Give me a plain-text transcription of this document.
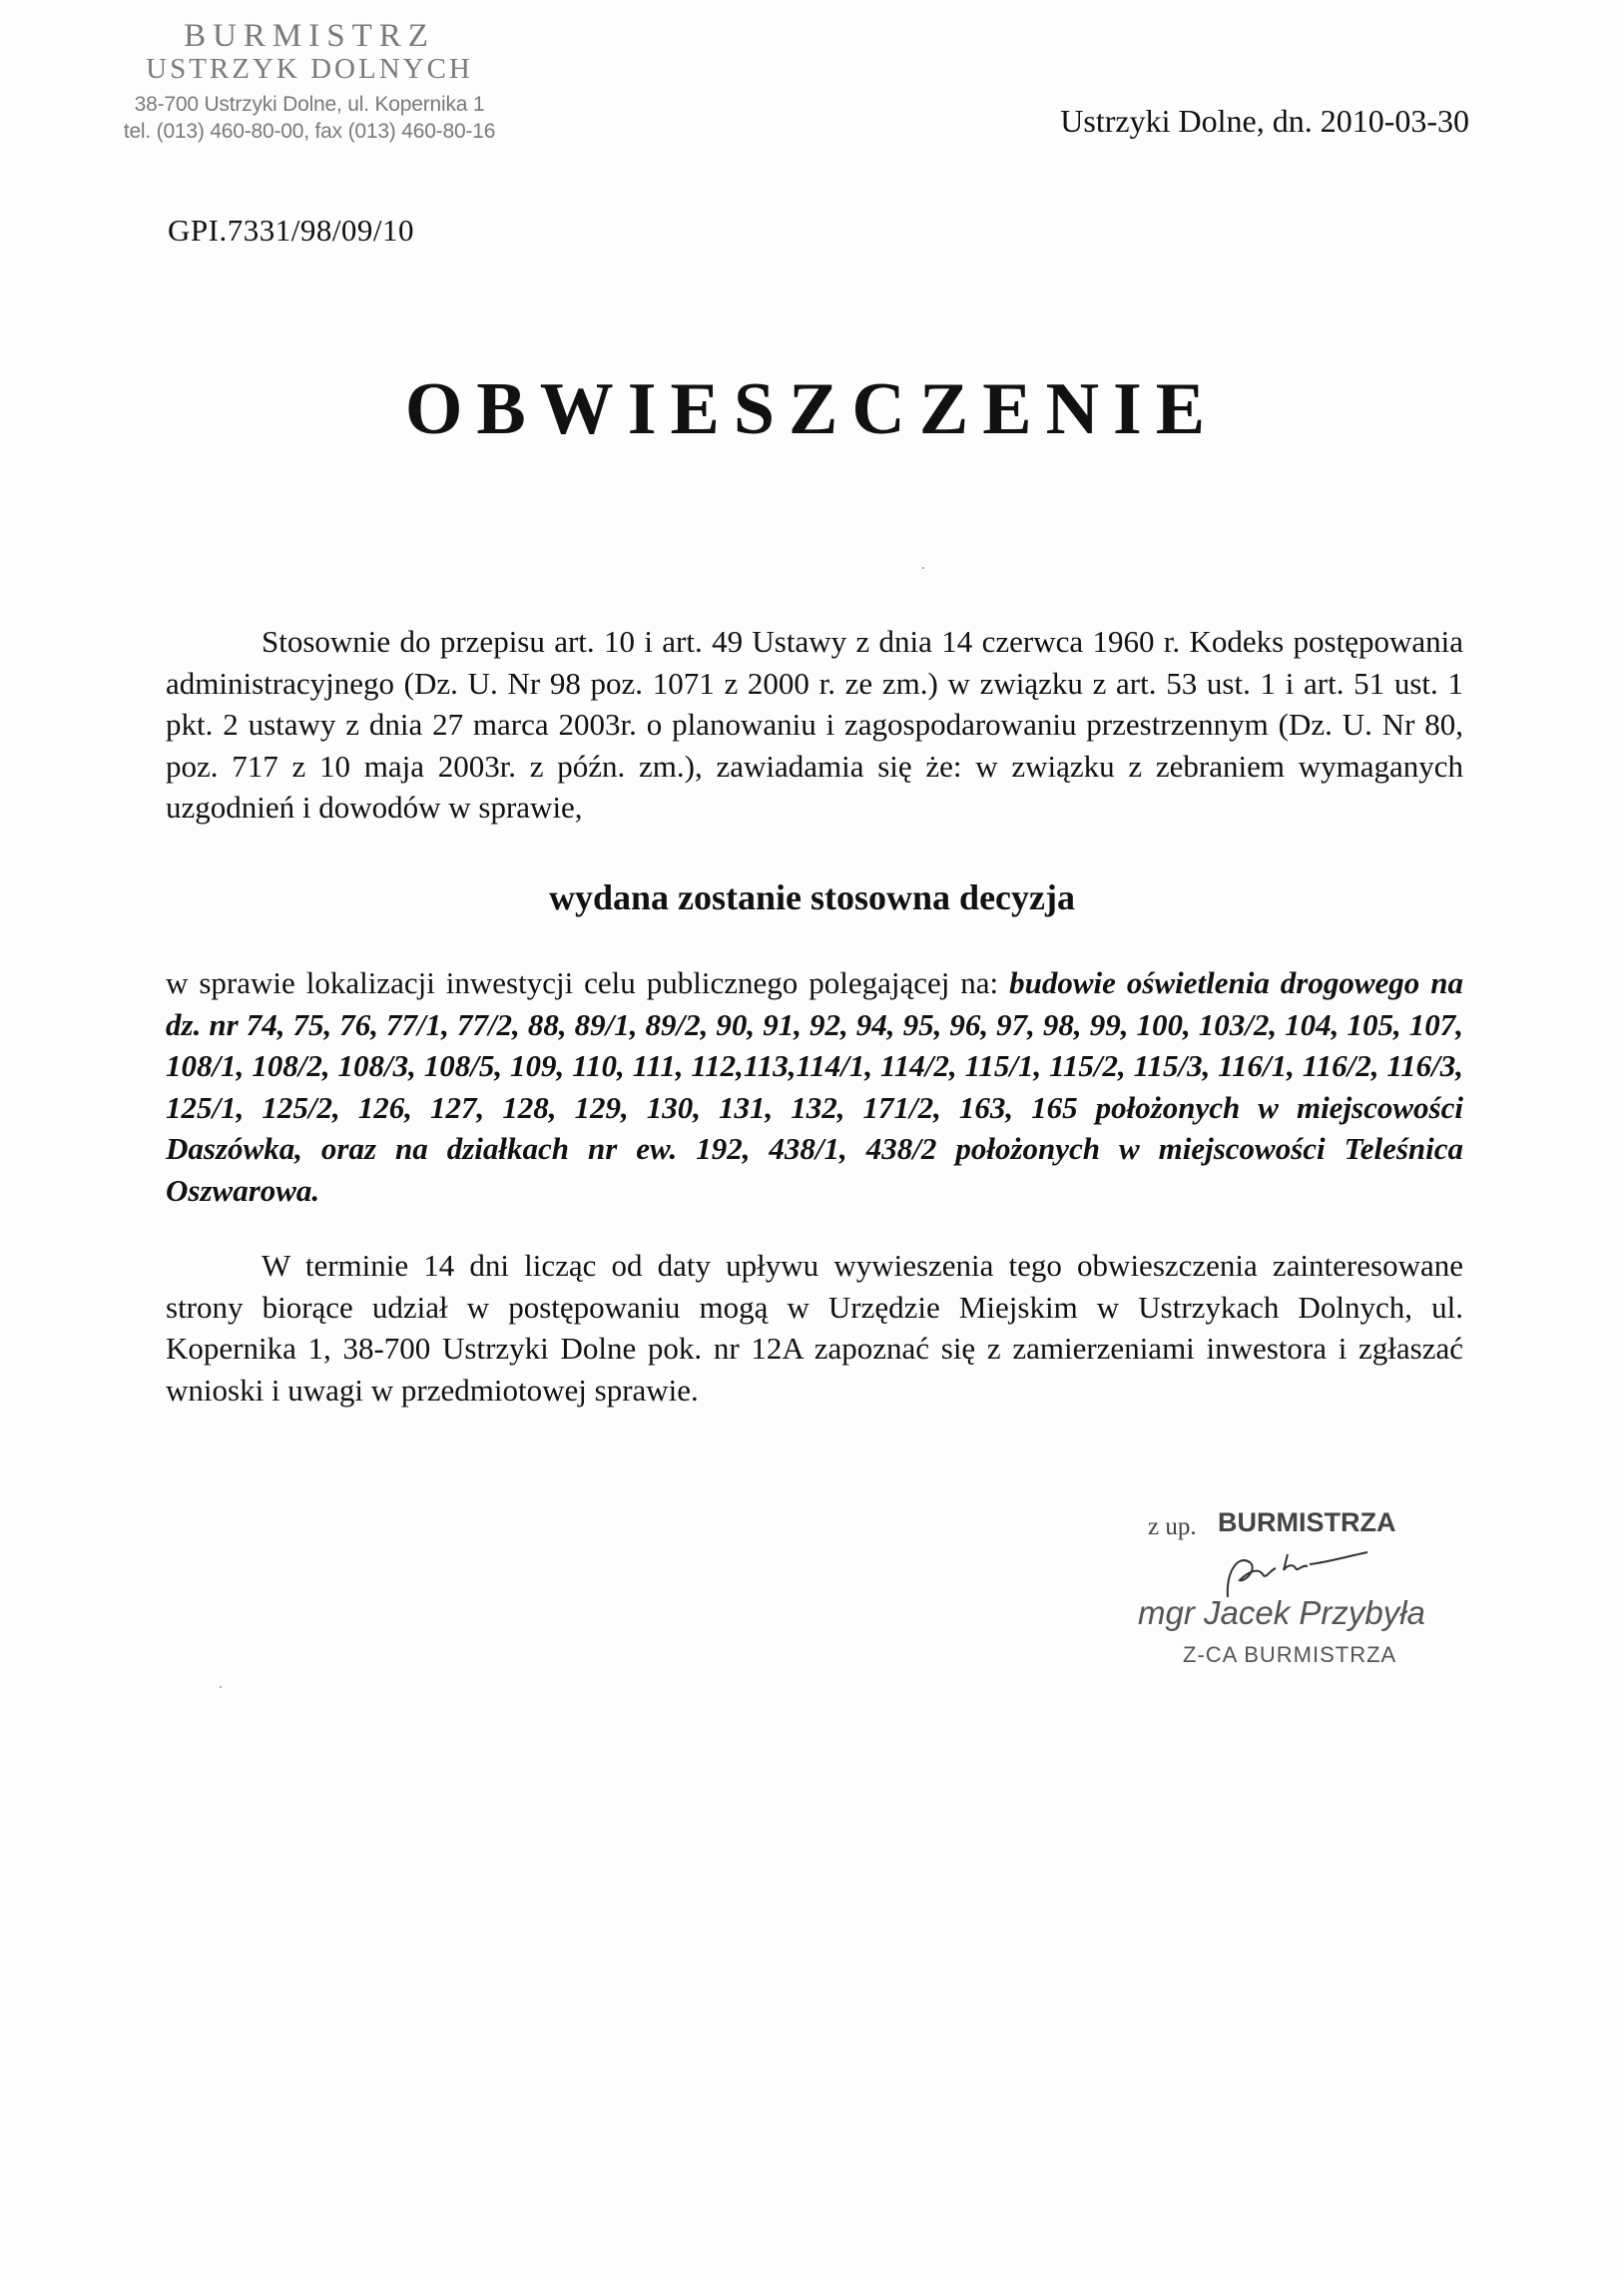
BURMISTRZ
USTRZYK DOLNYCH
38-700 Ustrzyki Dolne, ul. Kopernika 1
tel. (013) 460-80-00, fax (013) 460-80-16	Ustrzyki Dolne, dn. 2010-03-30
GPI.7331/98/09/10
OBWIESZCZENIE
Stosownie do przepisu art. 10 i art. 49 Ustawy z dnia 14 czerwca 1960 r. Kodeks postępowania administracyjnego (Dz. U. Nr 98 poz. 1071 z 2000 r. ze zm.) w związku z art. 53 ust. 1 i art. 51 ust. 1 pkt. 2 ustawy z dnia 27 marca 2003r. o planowaniu i zagospodarowaniu przestrzennym (Dz. U. Nr 80, poz. 717 z 10 maja 2003r. z późn. zm.), zawiadamia się że: w związku z zebraniem wymaganych uzgodnień i dowodów w sprawie,
wydana zostanie stosowna decyzja
w sprawie lokalizacji inwestycji celu publicznego polegającej na: budowie oświetlenia drogowego na dz. nr 74, 75, 76, 77/1, 77/2, 88, 89/1, 89/2, 90, 91, 92, 94, 95, 96, 97, 98, 99, 100, 103/2, 104, 105, 107, 108/1, 108/2, 108/3, 108/5, 109, 110, 111, 112,113,114/1, 114/2, 115/1, 115/2, 115/3, 116/1, 116/2, 116/3, 125/1, 125/2, 126, 127, 128, 129, 130, 131, 132, 171/2, 163, 165 położonych w miejscowości Daszówka, oraz na działkach nr ew. 192, 438/1, 438/2 położonych w miejscowości Teleśnica Oszwarowa.
W terminie 14 dni licząc od daty upływu wywieszenia tego obwieszczenia zainteresowane strony biorące udział w postępowaniu mogą w Urzędzie Miejskim w Ustrzykach Dolnych, ul. Kopernika 1, 38-700 Ustrzyki Dolne pok. nr 12A zapoznać się z zamierzeniami inwestora i zgłaszać wnioski i uwagi w przedmiotowej sprawie.
z up. BURMISTRZA
mgr Jacek Przybyła
Z-CA BURMISTRZA
